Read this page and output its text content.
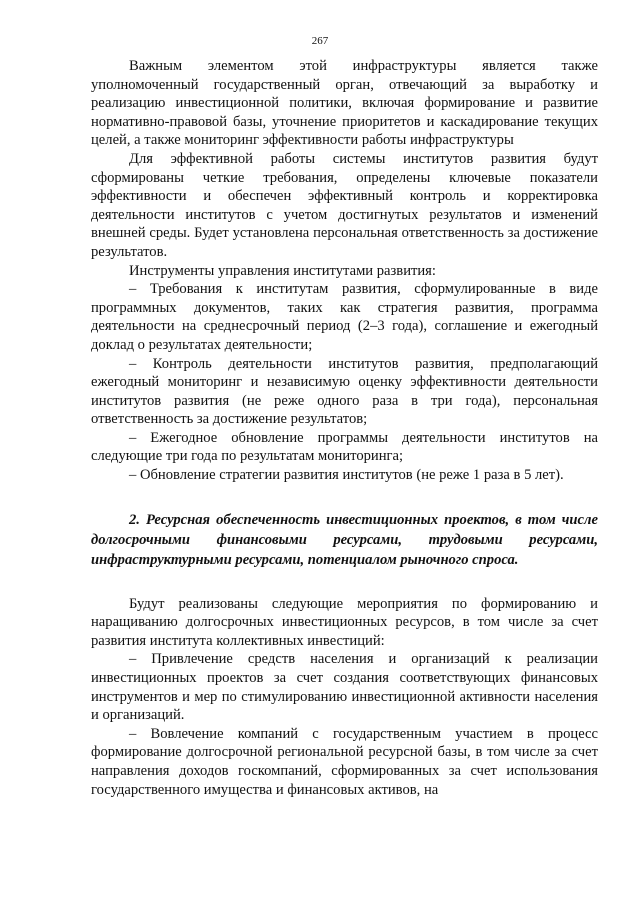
267

Важным элементом этой инфраструктуры является также уполномоченный государственный орган, отвечающий за выработку и реализацию инвестиционной политики, включая формирование и развитие нормативно-правовой базы, уточнение приоритетов и каскадирование текущих целей, а также мониторинг эффективности работы инфраструктуры

Для эффективной работы системы институтов развития будут сформированы четкие требования, определены ключевые показатели эффективности и обеспечен эффективный контроль и корректировка деятельности институтов с учетом достигнутых результатов и изменений внешней среды. Будет установлена персональная ответственность за достижение результатов.

Инструменты управления институтами развития:

– Требования к институтам развития, сформулированные в виде программных документов, таких как стратегия развития, программа деятельности на среднесрочный период (2–3 года), соглашение и ежегодный доклад о результатах деятельности;

– Контроль деятельности институтов развития, предполагающий ежегодный мониторинг и независимую оценку эффективности деятельности институтов развития (не реже одного раза в три года), персональная ответственность за достижение результатов;

– Ежегодное обновление программы деятельности институтов на следующие три года по результатам мониторинга;

– Обновление стратегии развития институтов (не реже 1 раза в 5 лет).

2. Ресурсная обеспеченность инвестиционных проектов, в том числе долгосрочными финансовыми ресурсами, трудовыми ресурсами, инфраструктурными ресурсами, потенциалом рыночного спроса.

Будут реализованы следующие мероприятия по формированию и наращиванию долгосрочных инвестиционных ресурсов, в том числе за счет развития института коллективных инвестиций:

– Привлечение средств населения и организаций к реализации инвестиционных проектов за счет создания соответствующих финансовых инструментов и мер по стимулированию инвестиционной активности населения и организаций.

– Вовлечение компаний с государственным участием в процесс формирование долгосрочной региональной ресурсной базы, в том числе за счет направления доходов госкомпаний, сформированных за счет использования государственного имущества и финансовых активов, на
